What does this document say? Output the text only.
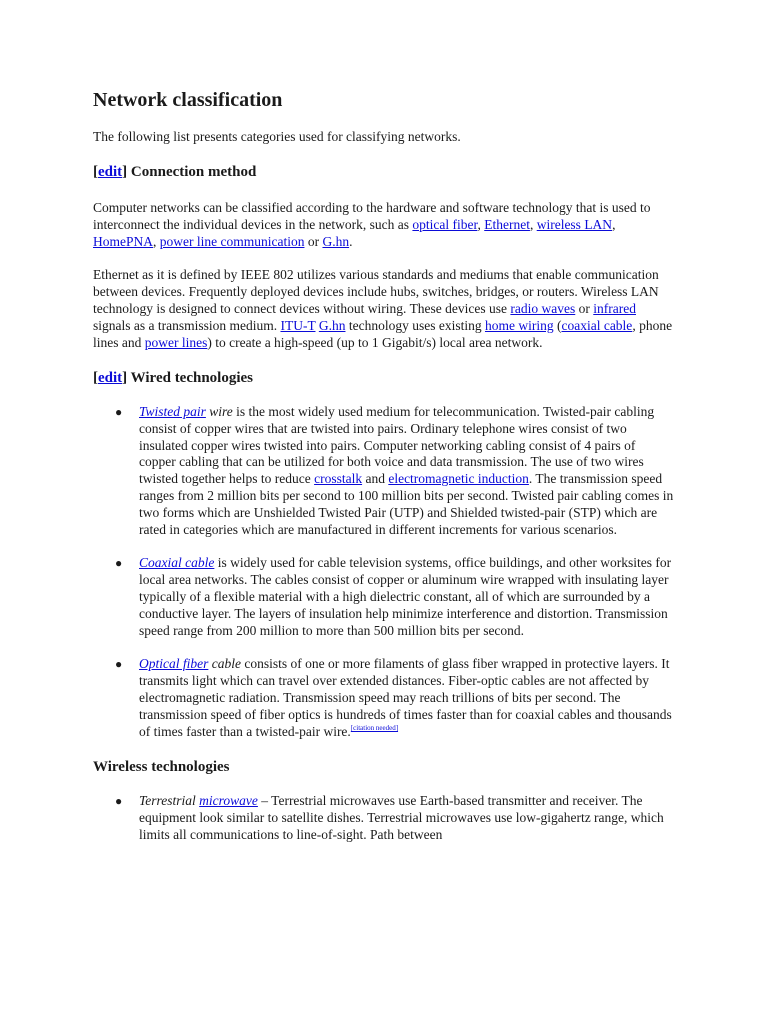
Network classification

The following list presents categories used for classifying networks.

[edit] Connection method

Computer networks can be classified according to the hardware and software technology that is used to interconnect the individual devices in the network, such as optical fiber, Ethernet, wireless LAN, HomePNA, power line communication or G.hn.

Ethernet as it is defined by IEEE 802 utilizes various standards and mediums that enable communication between devices. Frequently deployed devices include hubs, switches, bridges, or routers. Wireless LAN technology is designed to connect devices without wiring. These devices use radio waves or infrared signals as a transmission medium. ITU-T G.hn technology uses existing home wiring (coaxial cable, phone lines and power lines) to create a high-speed (up to 1 Gigabit/s) local area network.

[edit] Wired technologies
● Twisted pair wire is the most widely used medium for telecommunication. Twisted-pair cabling consist of copper wires that are twisted into pairs. Ordinary telephone wires consist of two insulated copper wires twisted into pairs. Computer networking cabling consist of 4 pairs of copper cabling that can be utilized for both voice and data transmission. The use of two wires twisted together helps to reduce crosstalk and electromagnetic induction. The transmission speed ranges from 2 million bits per second to 100 million bits per second. Twisted pair cabling comes in two forms which are Unshielded Twisted Pair (UTP) and Shielded twisted-pair (STP) which are rated in categories which are manufactured in different increments for various scenarios.
● Coaxial cable is widely used for cable television systems, office buildings, and other worksites for local area networks. The cables consist of copper or aluminum wire wrapped with insulating layer typically of a flexible material with a high dielectric constant, all of which are surrounded by a conductive layer. The layers of insulation help minimize interference and distortion. Transmission speed range from 200 million to more than 500 million bits per second.
● Optical fiber cable consists of one or more filaments of glass fiber wrapped in protective layers. It transmits light which can travel over extended distances. Fiber-optic cables are not affected by electromagnetic radiation. Transmission speed may reach trillions of bits per second. The transmission speed of fiber optics is hundreds of times faster than for coaxial cables and thousands of times faster than a twisted-pair wire.[citation needed]
Wireless technologies
● Terrestrial microwave – Terrestrial microwaves use Earth-based transmitter and receiver. The equipment look similar to satellite dishes. Terrestrial microwaves use low-gigahertz range, which limits all communications to line-of-sight. Path between
